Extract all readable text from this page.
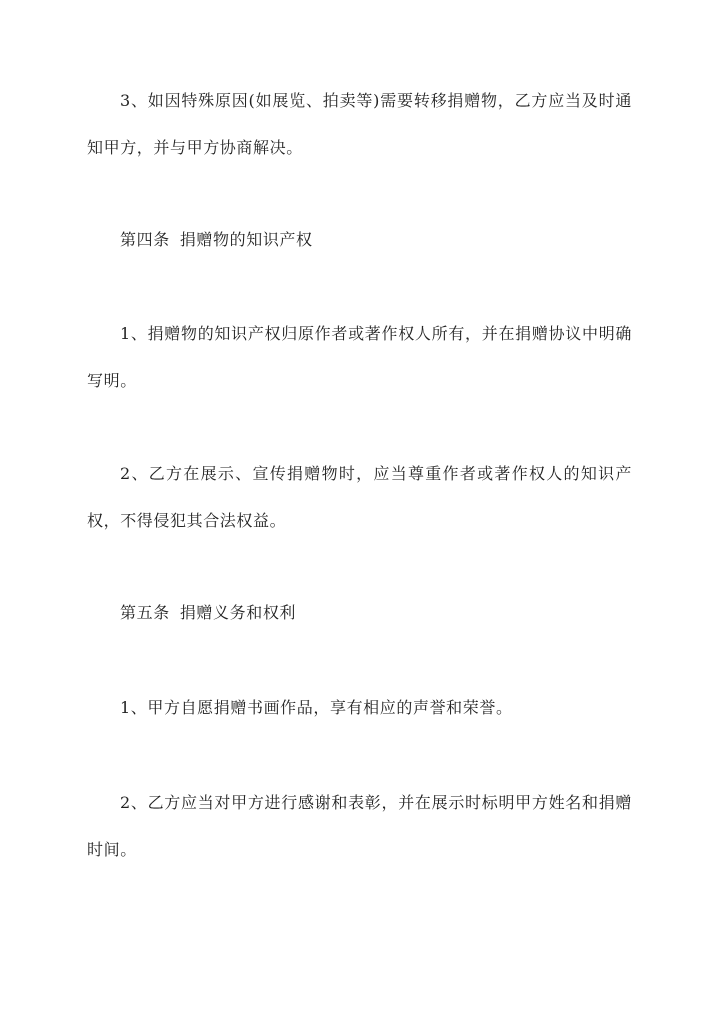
3、如因特殊原因(如展览、拍卖等)需要转移捐赠物，乙方应当及时通知甲方，并与甲方协商解决。

第四条 捐赠物的知识产权

1、捐赠物的知识产权归原作者或著作权人所有，并在捐赠协议中明确写明。

2、乙方在展示、宣传捐赠物时，应当尊重作者或著作权人的知识产权，不得侵犯其合法权益。

第五条 捐赠义务和权利

1、甲方自愿捐赠书画作品，享有相应的声誉和荣誉。

2、乙方应当对甲方进行感谢和表彰，并在展示时标明甲方姓名和捐赠时间。
